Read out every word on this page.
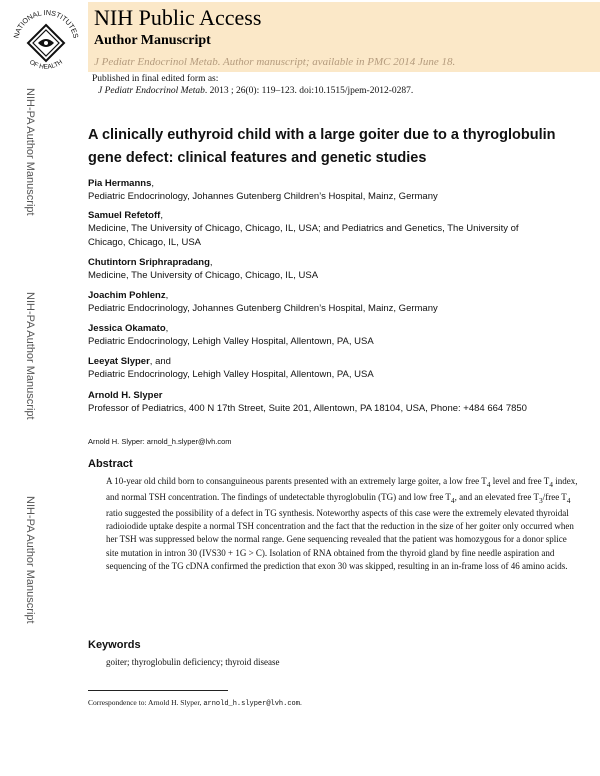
NATIONAL INSTITUTES
OF HEALTH
NIH Public Access
Author Manuscript
J Pediatr Endocrinol Metab. Author manuscript; available in PMC 2014 June 18.
Published in final edited form as:
J Pediatr Endocrinol Metab. 2013 ; 26(0): 119–123. doi:10.1515/jpem-2012-0287.
NIH-PA Author Manuscript
NIH-PA Author Manuscript
NIH-PA Author Manuscript
A clinically euthyroid child with a large goiter due to a thyroglobulin gene defect: clinical features and genetic studies
Pia Hermanns,
Pediatric Endocrinology, Johannes Gutenberg Children’s Hospital, Mainz, Germany
Samuel Refetoff,
Medicine, The University of Chicago, Chicago, IL, USA; and Pediatrics and Genetics, The University of Chicago, Chicago, IL, USA
Chutintorn Sriphrapradang,
Medicine, The University of Chicago, Chicago, IL, USA
Joachim Pohlenz,
Pediatric Endocrinology, Johannes Gutenberg Children’s Hospital, Mainz, Germany
Jessica Okamato,
Pediatric Endocrinology, Lehigh Valley Hospital, Allentown, PA, USA
Leeyat Slyper, and
Pediatric Endocrinology, Lehigh Valley Hospital, Allentown, PA, USA
Arnold H. Slyper
Professor of Pediatrics, 400 N 17th Street, Suite 201, Allentown, PA 18104, USA, Phone: +484 664 7850
Arnold H. Slyper: arnold_h.slyper@lvh.com
Abstract

A 10-year old child born to consanguineous parents presented with an extremely large goiter, a low free $T_4$ level and free $T_4$ index, and normal TSH concentration. The findings of undetectable thyroglobulin (TG) and low free $T_4$, and an elevated free $T_3$/free $T_4$ ratio suggested the possibility of a defect in TG synthesis. Noteworthy aspects of this case were the extremely elevated thyroidal radioiodide uptake despite a normal TSH concentration and the fact that the reduction in the size of her goiter only occurred when her TSH was suppressed below the normal range. Gene sequencing revealed that the patient was homozygous for a donor splice site mutation in intron 30 (IVS30 + 1G > C). Isolation of RNA obtained from the thyroid gland by fine needle aspiration and sequencing of the TG cDNA confirmed the prediction that exon 30 was skipped, resulting in an in-frame loss of 46 amino acids.

Keywords
goiter; thyroglobulin deficiency; thyroid disease
Correspondence to: Arnold H. Slyper, arnold_h.slyper@lvh.com.
